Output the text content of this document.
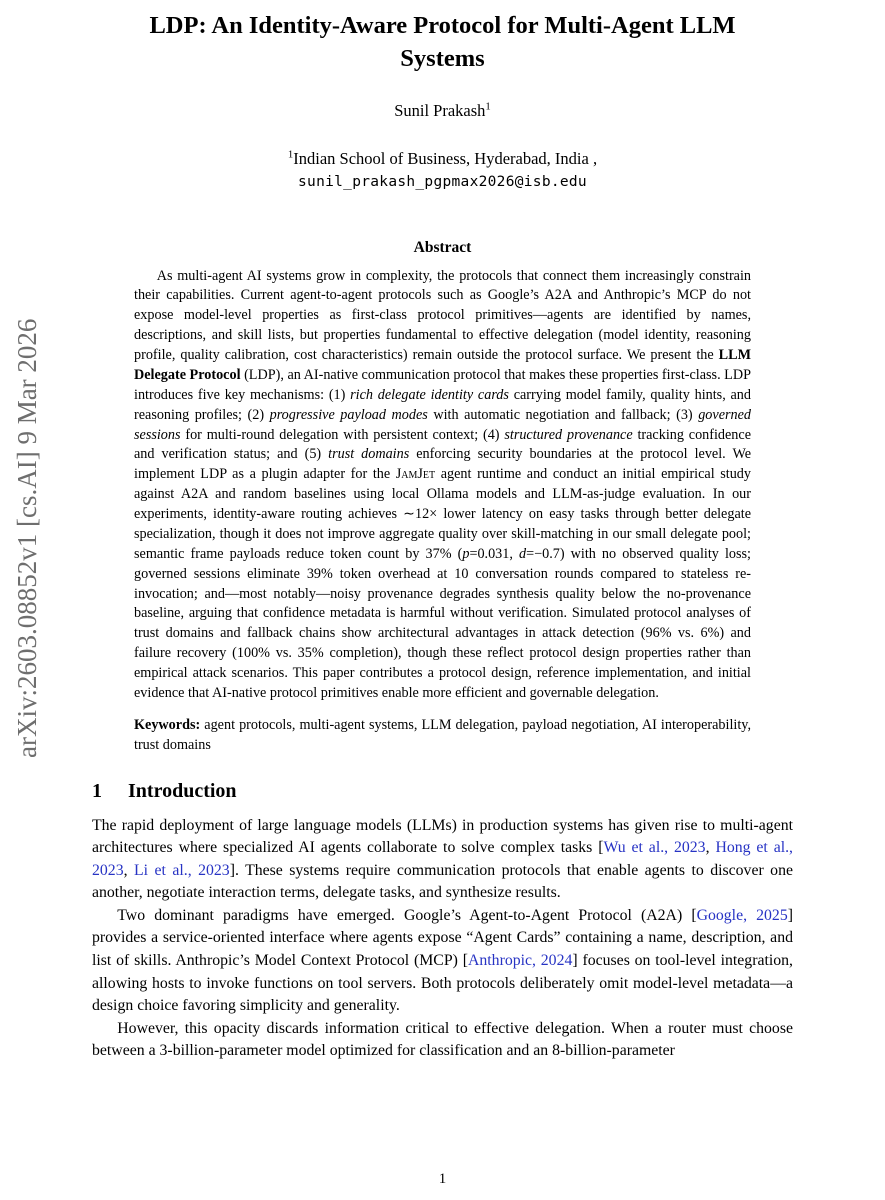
arXiv:2603.08852v1 [cs.AI] 9 Mar 2026
LDP: An Identity-Aware Protocol for Multi-Agent LLM Systems
Sunil Prakash$^1$
$^1$Indian School of Business, Hyderabad, India ,
sunil_prakash_pgpmax2026@isb.edu
Abstract
As multi-agent AI systems grow in complexity, the protocols that connect them increasingly constrain their capabilities. Current agent-to-agent protocols such as Google’s A2A and Anthropic’s MCP do not expose model-level properties as first-class protocol primitives—agents are identified by names, descriptions, and skill lists, but properties fundamental to effective delegation (model identity, reasoning profile, quality calibration, cost characteristics) remain outside the protocol surface. We present the LLM Delegate Protocol (LDP), an AI-native communication protocol that makes these properties first-class. LDP introduces five key mechanisms: (1) rich delegate identity cards carrying model family, quality hints, and reasoning profiles; (2) progressive payload modes with automatic negotiation and fallback; (3) governed sessions for multi-round delegation with persistent context; (4) structured provenance tracking confidence and verification status; and (5) trust domains enforcing security boundaries at the protocol level. We implement LDP as a plugin adapter for the JamJet agent runtime and conduct an initial empirical study against A2A and random baselines using local Ollama models and LLM-as-judge evaluation. In our experiments, identity-aware routing achieves ∼12× lower latency on easy tasks through better delegate specialization, though it does not improve aggregate quality over skill-matching in our small delegate pool; semantic frame payloads reduce token count by 37% (p=0.031, d=−0.7) with no observed quality loss; governed sessions eliminate 39% token overhead at 10 conversation rounds compared to stateless re-invocation; and—most notably—noisy provenance degrades synthesis quality below the no-provenance baseline, arguing that confidence metadata is harmful without verification. Simulated protocol analyses of trust domains and fallback chains show architectural advantages in attack detection (96% vs. 6%) and failure recovery (100% vs. 35% completion), though these reflect protocol design properties rather than empirical attack scenarios. This paper contributes a protocol design, reference implementation, and initial evidence that AI-native protocol primitives enable more efficient and governable delegation.
Keywords: agent protocols, multi-agent systems, LLM delegation, payload negotiation, AI interoperability, trust domains
1 Introduction

The rapid deployment of large language models (LLMs) in production systems has given rise to multi-agent architectures where specialized AI agents collaborate to solve complex tasks [Wu et al., 2023, Hong et al., 2023, Li et al., 2023]. These systems require communication protocols that enable agents to discover one another, negotiate interaction terms, delegate tasks, and synthesize results.

Two dominant paradigms have emerged. Google’s Agent-to-Agent Protocol (A2A) [Google, 2025] provides a service-oriented interface where agents expose “Agent Cards” containing a name, description, and list of skills. Anthropic’s Model Context Protocol (MCP) [Anthropic, 2024] focuses on tool-level integration, allowing hosts to invoke functions on tool servers. Both protocols deliberately omit model-level metadata—a design choice favoring simplicity and generality.

However, this opacity discards information critical to effective delegation. When a router must choose between a 3-billion-parameter model optimized for classification and an 8-billion-parameter

1
